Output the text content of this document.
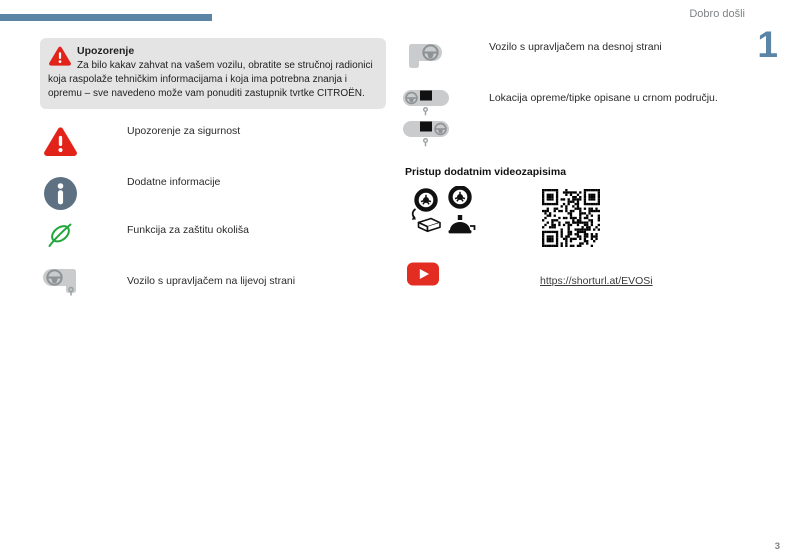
Dobro došli
1
Upozorenje
Za bilo kakav zahvat na vašem vozilu, obratite se stručnoj radionici koja raspolaže tehničkim informacijama i koja ima potrebna znanja i opremu – sve navedeno može vam ponuditi zastupnik tvrtke CITROËN.
Upozorenje za sigurnost
Dodatne informacije
Funkcija za zaštitu okoliša
Vozilo s upravljačem na lijevoj strani
Vozilo s upravljačem na desnoj strani
Lokacija opreme/tipke opisane u crnom području.
Pristup dodatnim videozapisima
https://shorturl.at/EVOSi
3
